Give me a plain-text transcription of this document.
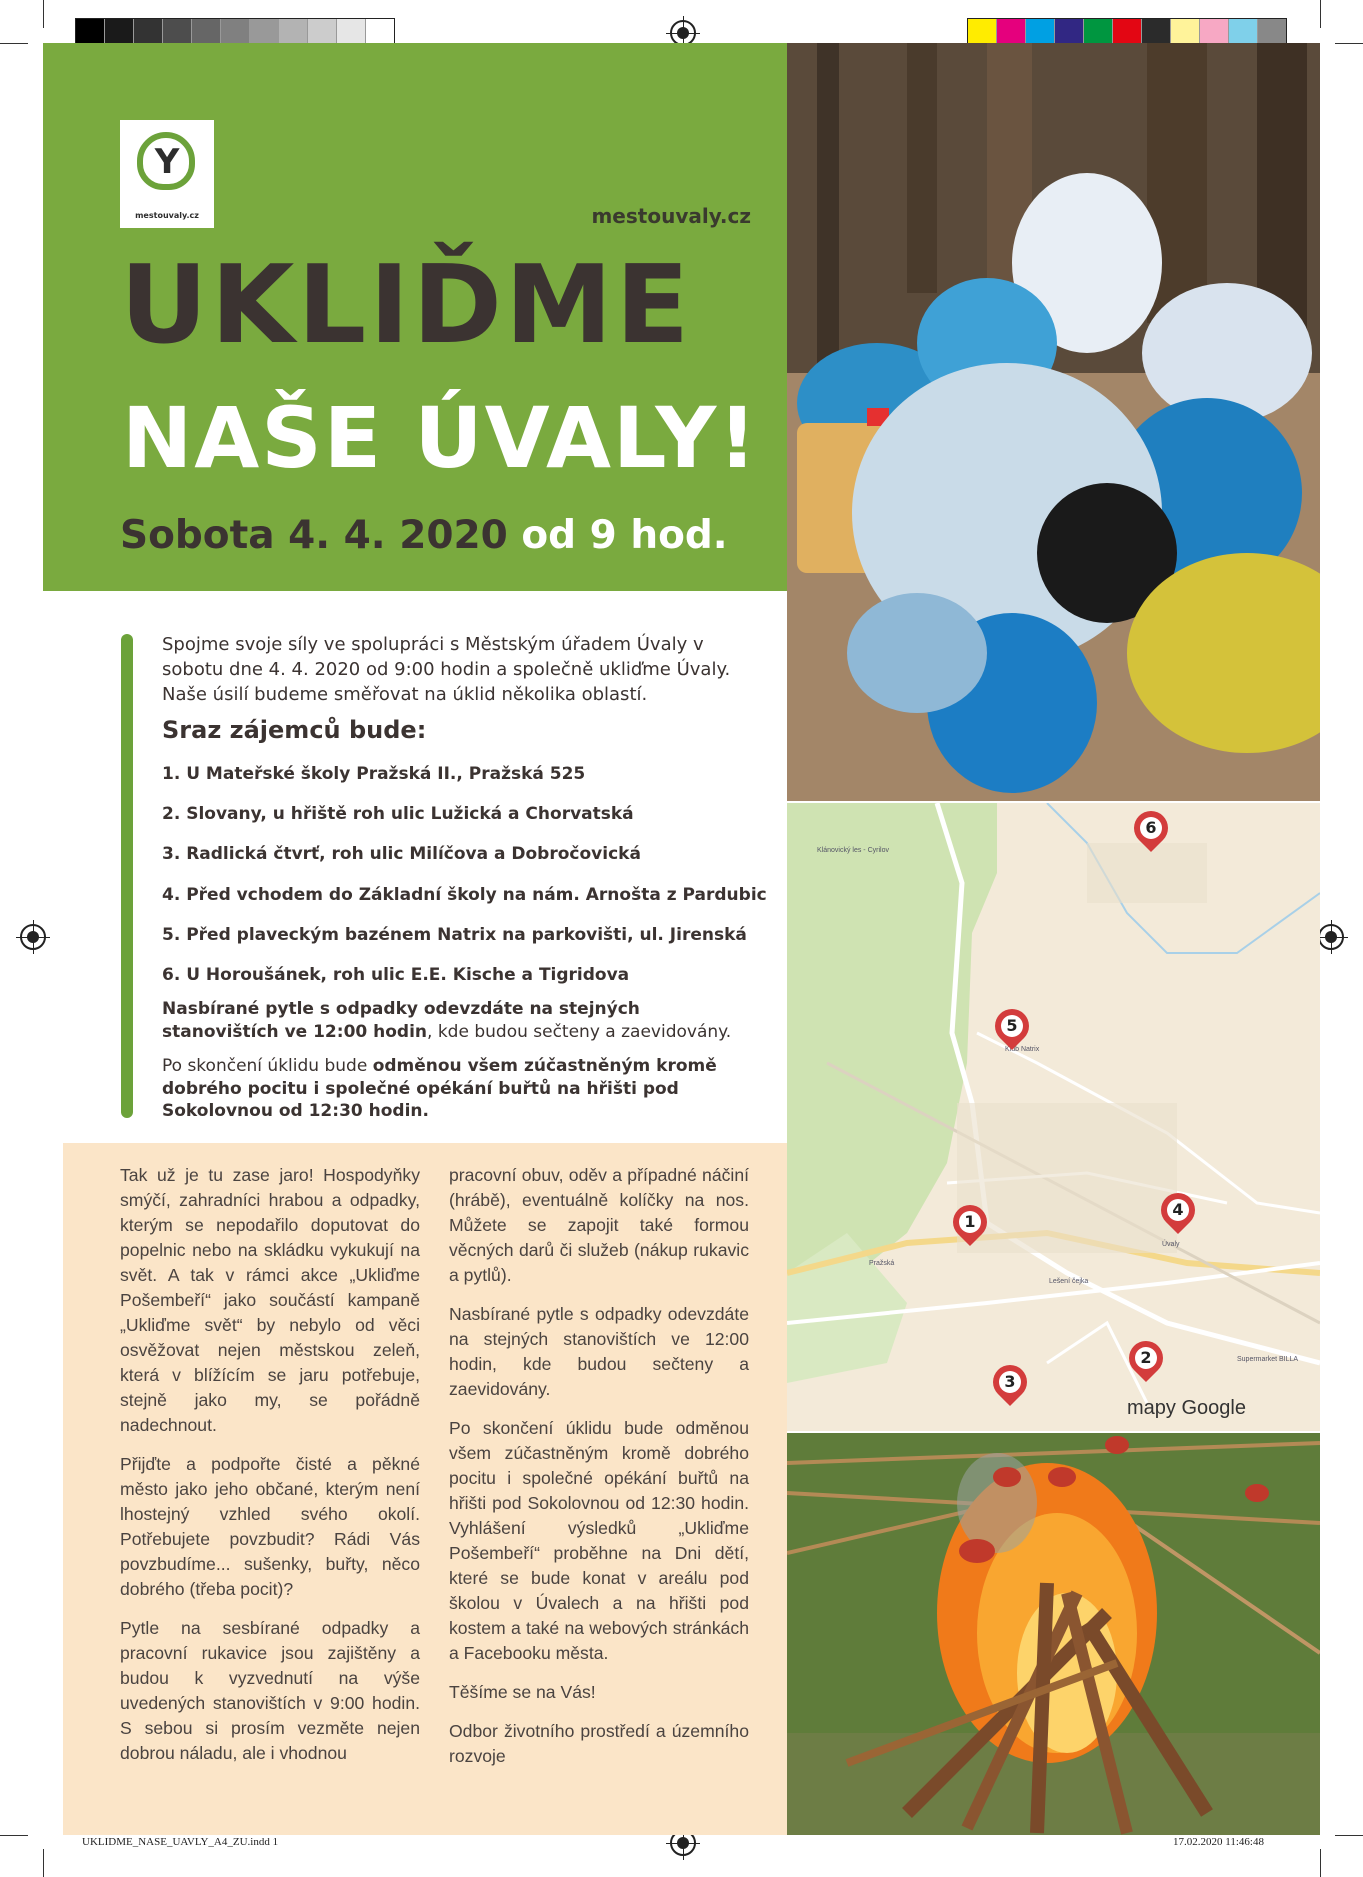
Y
mestouvaly.cz	mestouvaly.cz
UKLIĎME
NAŠE ÚVALY!
Sobota 4. 4. 2020 od 9 hod.
Klánovický les - Cyrilov
Klub Natrix
Pražská
Lešení čejka
Úvaly
Supermarket BILLA
6
5
1
4
2
3
mapy Google
Spojme svoje síly ve spolupráci s Městským úřadem Úvaly v sobotu dne 4. 4. 2020 od 9:00 hodin a společně ukliďme Úvaly. Naše úsilí budeme směřovat na úklid několika oblastí.
Sraz zájemců bude:
1. U Mateřské školy Pražská II., Pražská 525
2. Slovany, u hřiště roh ulic Lužická a Chorvatská
3. Radlická čtvrť, roh ulic Milíčova a Dobročovická
4. Před vchodem do Základní školy na nám. Arnošta z Pardubic
5. Před plaveckým bazénem Natrix na parkovišti, ul. Jirenská
6. U Horoušánek, roh ulic E.E. Kische a Tigridova
Nasbírané pytle s odpadky odevzdáte na stejných stanovištích ve 12:00 hodin, kde budou sečteny a zaevidovány.
Po skončení úklidu bude odměnou všem zúčastněným kromě dobrého pocitu i společné opékání buřtů na hřišti pod Sokolovnou od 12:30 hodin.

Tak už je tu zase jaro! Hospodyňky smýčí, zahradníci hrabou a odpadky, kterým se nepodařilo doputovat do popelnic nebo na skládku vykukují na svět. A tak v rámci akce „Ukliďme Pošembeří“ jako součástí kampaně „Ukliďme svět“ by nebylo od věci osvěžovat nejen městskou zeleň, která v blížícím se jaru potřebuje, stejně jako my, se pořádně nadechnout.

Přijďte a podpořte čisté a pěkné město jako jeho občané, kterým není lhostejný vzhled svého okolí. Potřebujete povzbudit? Rádi Vás povzbudíme... sušenky, buřty, něco dobrého (třeba pocit)?

Pytle na sesbírané odpadky a pracovní rukavice jsou zajištěny a budou k vyzvednutí na výše uvedených stanovištích v 9:00 hodin. S sebou si prosím vezměte nejen dobrou náladu, ale i vhodnou

pracovní obuv, oděv a případné náčiní (hrábě), eventuálně kolíčky na nos. Můžete se zapojit také formou věcných darů či služeb (nákup rukavic a pytlů).

Nasbírané pytle s odpadky odevzdáte na stejných stanovištích ve 12:00 hodin, kde budou sečteny a zaevidovány.

Po skončení úklidu bude odměnou všem zúčastněným kromě dobrého pocitu i společné opékání buřtů na hřišti pod Sokolovnou od 12:30 hodin. Vyhlášení výsledků „Ukliďme Pošembeří“ proběhne na Dni dětí, které se bude konat v areálu pod školou v Úvalech a na hřišti pod kostem a také na webových stránkách a Facebooku města.

Těšíme se na Vás!

Odbor životního prostředí a územního rozvoje

UKLIDME_NASE_UAVLY_A4_ZU.indd 1	17.02.2020 11:46:48
